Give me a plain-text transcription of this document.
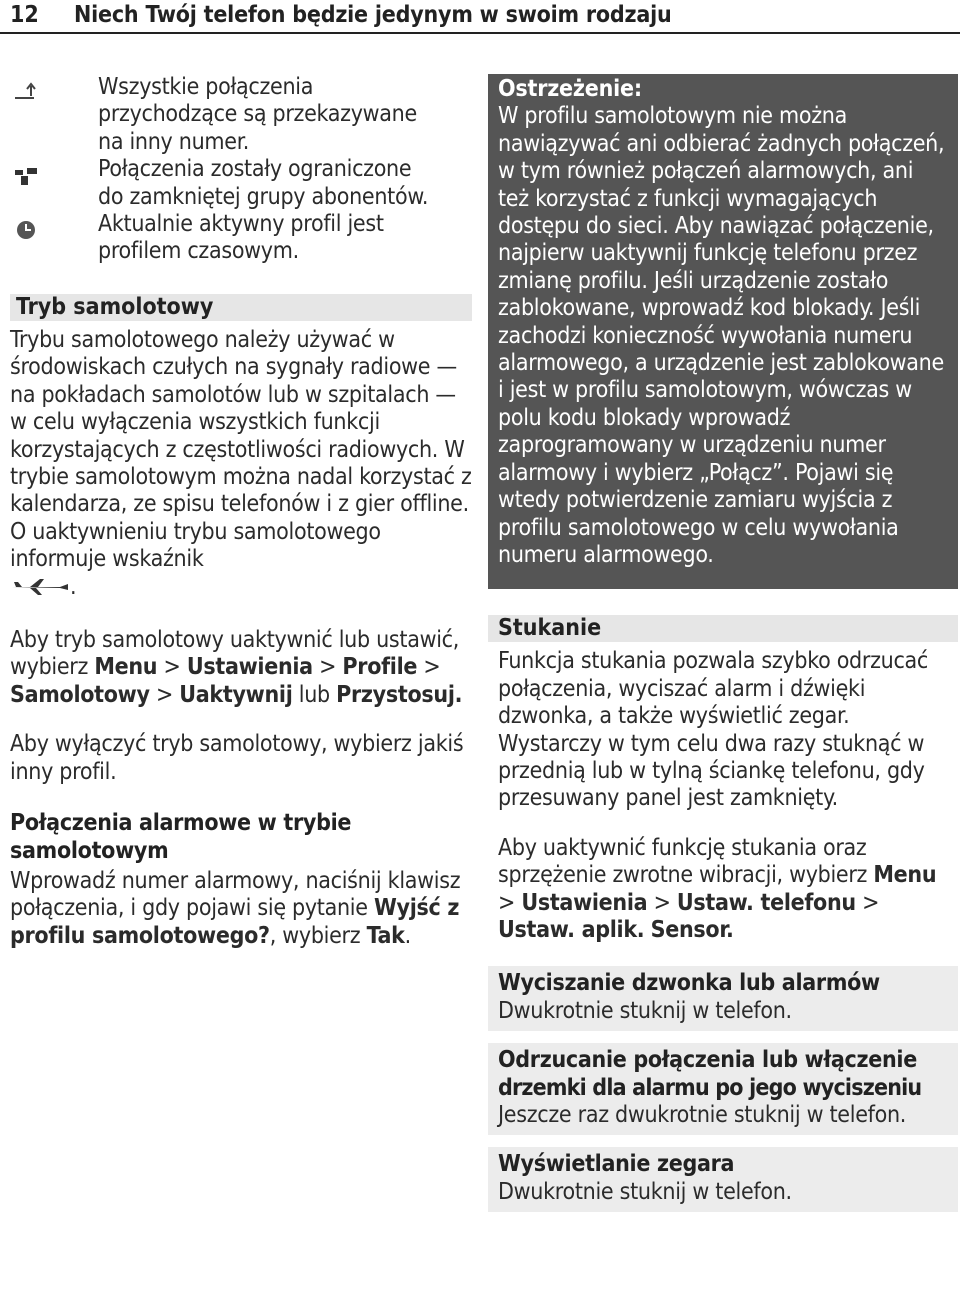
12 Niech Twój telefon będzie jedynym w swoim rodzaju

Wszystkie połączenia

przychodzące są przekazywane

na inny numer.

Połączenia zostały ograniczone

do zamkniętej grupy abonentów.

Aktualnie aktywny profil jest

profilem czasowym.

Tryb samolotowy

Trybu samolotowego należy używać w środowiskach czułych na sygnały radiowe — na pokładach samolotów lub w szpitalach — w celu wyłączenia wszystkich funkcji korzystających z częstotliwości radiowych. W trybie samolotowym można nadal korzystać z kalendarza, ze spisu telefonów i z gier offline. O uaktywnieniu trybu samolotowego informuje wskaźnik
.

Aby tryb samolotowy uaktywnić lub ustawić, wybierz Menu > Ustawienia > Profile > Samolotowy > Uaktywnij lub Przystosuj.

Aby wyłączyć tryb samolotowy, wybierz jakiś inny profil.

Połączenia alarmowe w trybie samolotowym

Wprowadź numer alarmowy, naciśnij klawisz połączenia, i gdy pojawi się pytanie Wyjść z profilu samolotowego?, wybierz Tak.

Ostrzeżenie:

W profilu samolotowym nie można nawiązywać ani odbierać żadnych połączeń, w tym również połączeń alarmowych, ani też korzystać z funkcji wymagających dostępu do sieci. Aby nawiązać połączenie, najpierw uaktywnij funkcję telefonu przez zmianę profilu. Jeśli urządzenie zostało zablokowane, wprowadź kod blokady. Jeśli zachodzi konieczność wywołania numeru alarmowego, a urządzenie jest zablokowane i jest w profilu samolotowym, wówczas w polu kodu blokady wprowadź zaprogramowany w urządzeniu numer alarmowy i wybierz „Połącz”. Pojawi się wtedy potwierdzenie zamiaru wyjścia z profilu samolotowego w celu wywołania numeru alarmowego.

Stukanie

Funkcja stukania pozwala szybko odrzucać połączenia, wyciszać alarm i dźwięki dzwonka, a także wyświetlić zegar. Wystarczy w tym celu dwa razy stuknąć w przednią lub w tylną ściankę telefonu, gdy przesuwany panel jest zamknięty.

Aby uaktywnić funkcję stukania oraz sprzężenie zwrotne wibracji, wybierz Menu > Ustawienia > Ustaw. telefonu > Ustaw. aplik. Sensor.

Wyciszanie dzwonka lub alarmów

Dwukrotnie stuknij w telefon.

Odrzucanie połączenia lub włączenie
drzemki dla alarmu po jego wyciszeniu

Jeszcze raz dwukrotnie stuknij w telefon.

Wyświetlanie zegara

Dwukrotnie stuknij w telefon.
